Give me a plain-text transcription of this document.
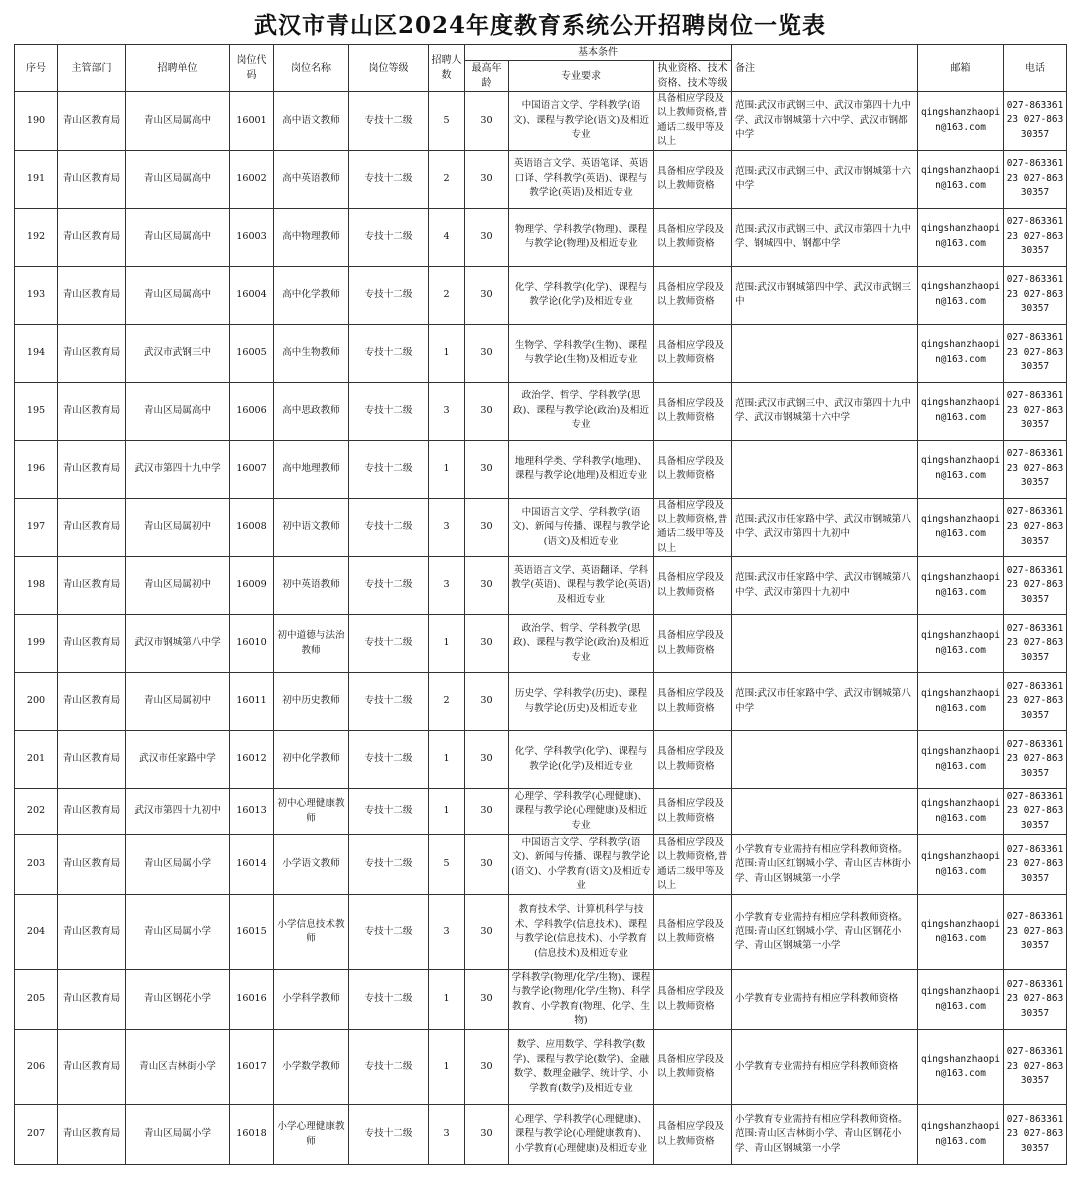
武汉市青山区2024年度教育系统公开招聘岗位一览表
序号	主管部门	招聘单位	岗位代码	岗位名称	岗位等级	招聘人数	基本条件			备注	邮箱	电话
							最高年龄	专业要求	执业资格、技术资格、技术等级			
190	青山区教育局	青山区局属高中	16001	高中语文教师	专技十二级	5	30	中国语言文学、学科教学(语文)、课程与教学论(语文)及相近专业	具备相应学段及以上教师资格,普通话二级甲等及以上	范围:武汉市武钢三中、武汉市第四十九中学、武汉市钢城第十六中学、武汉市钢都中学	qingshanzhaopin@163.com	027-86336123 027-86330357
191	青山区教育局	青山区局属高中	16002	高中英语教师	专技十二级	2	30	英语语言文学、英语笔译、英语口译、学科教学(英语)、课程与教学论(英语)及相近专业	具备相应学段及以上教师资格	范围:武汉市武钢三中、武汉市钢城第十六中学	qingshanzhaopin@163.com	027-86336123 027-86330357
192	青山区教育局	青山区局属高中	16003	高中物理教师	专技十二级	4	30	物理学、学科教学(物理)、课程与教学论(物理)及相近专业	具备相应学段及以上教师资格	范围:武汉市武钢三中、武汉市第四十九中学、钢城四中、钢都中学	qingshanzhaopin@163.com	027-86336123 027-86330357
193	青山区教育局	青山区局属高中	16004	高中化学教师	专技十二级	2	30	化学、学科教学(化学)、课程与教学论(化学)及相近专业	具备相应学段及以上教师资格	范围:武汉市钢城第四中学、武汉市武钢三中	qingshanzhaopin@163.com	027-86336123 027-86330357
194	青山区教育局	武汉市武钢三中	16005	高中生物教师	专技十二级	1	30	生物学、学科教学(生物)、课程与教学论(生物)及相近专业	具备相应学段及以上教师资格		qingshanzhaopin@163.com	027-86336123 027-86330357
195	青山区教育局	青山区局属高中	16006	高中思政教师	专技十二级	3	30	政治学、哲学、学科教学(思政)、课程与教学论(政治)及相近专业	具备相应学段及以上教师资格	范围:武汉市武钢三中、武汉市第四十九中学、武汉市钢城第十六中学	qingshanzhaopin@163.com	027-86336123 027-86330357
196	青山区教育局	武汉市第四十九中学	16007	高中地理教师	专技十二级	1	30	地理科学类、学科教学(地理)、课程与教学论(地理)及相近专业	具备相应学段及以上教师资格		qingshanzhaopin@163.com	027-86336123 027-86330357
197	青山区教育局	青山区局属初中	16008	初中语文教师	专技十二级	3	30	中国语言文学、学科教学(语文)、新闻与传播、课程与教学论(语文)及相近专业	具备相应学段及以上教师资格,普通话二级甲等及以上	范围:武汉市任家路中学、武汉市钢城第八中学、武汉市第四十九初中	qingshanzhaopin@163.com	027-86336123 027-86330357
198	青山区教育局	青山区局属初中	16009	初中英语教师	专技十二级	3	30	英语语言文学、英语翻译、学科教学(英语)、课程与教学论(英语)及相近专业	具备相应学段及以上教师资格	范围:武汉市任家路中学、武汉市钢城第八中学、武汉市第四十九初中	qingshanzhaopin@163.com	027-86336123 027-86330357
199	青山区教育局	武汉市钢城第八中学	16010	初中道德与法治教师	专技十二级	1	30	政治学、哲学、学科教学(思政)、课程与教学论(政治)及相近专业	具备相应学段及以上教师资格		qingshanzhaopin@163.com	027-86336123 027-86330357
200	青山区教育局	青山区局属初中	16011	初中历史教师	专技十二级	2	30	历史学、学科教学(历史)、课程与教学论(历史)及相近专业	具备相应学段及以上教师资格	范围:武汉市任家路中学、武汉市钢城第八中学	qingshanzhaopin@163.com	027-86336123 027-86330357
201	青山区教育局	武汉市任家路中学	16012	初中化学教师	专技十二级	1	30	化学、学科教学(化学)、课程与教学论(化学)及相近专业	具备相应学段及以上教师资格		qingshanzhaopin@163.com	027-86336123 027-86330357
202	青山区教育局	武汉市第四十九初中	16013	初中心理健康教师	专技十二级	1	30	心理学、学科教学(心理健康)、课程与教学论(心理健康)及相近专业	具备相应学段及以上教师资格		qingshanzhaopin@163.com	027-86336123 027-86330357
203	青山区教育局	青山区局属小学	16014	小学语文教师	专技十二级	5	30	中国语言文学、学科教学(语文)、新闻与传播、课程与教学论(语文)、小学教育(语文)及相近专业	具备相应学段及以上教师资格,普通话二级甲等及以上	小学教育专业需持有相应学科教师资格。范围:青山区红钢城小学、青山区吉林街小学、青山区钢城第一小学	qingshanzhaopin@163.com	027-86336123 027-86330357
204	青山区教育局	青山区局属小学	16015	小学信息技术教师	专技十二级	3	30	教育技术学、计算机科学与技术、学科教学(信息技术)、课程与教学论(信息技术)、小学教育(信息技术)及相近专业	具备相应学段及以上教师资格	小学教育专业需持有相应学科教师资格。范围:青山区红钢城小学、青山区钢花小学、青山区钢城第一小学	qingshanzhaopin@163.com	027-86336123 027-86330357
205	青山区教育局	青山区钢花小学	16016	小学科学教师	专技十二级	1	30	学科教学(物理/化学/生物)、课程与教学论(物理/化学/生物)、科学教育、小学教育(物理、化学、生物)	具备相应学段及以上教师资格	小学教育专业需持有相应学科教师资格	qingshanzhaopin@163.com	027-86336123 027-86330357
206	青山区教育局	青山区吉林街小学	16017	小学数学教师	专技十二级	1	30	数学、应用数学、学科教学(数学)、课程与教学论(数学)、金融数学、数理金融学、统计学、小学教育(数学)及相近专业	具备相应学段及以上教师资格	小学教育专业需持有相应学科教师资格	qingshanzhaopin@163.com	027-86336123 027-86330357
207	青山区教育局	青山区局属小学	16018	小学心理健康教师	专技十二级	3	30	心理学、学科教学(心理健康)、课程与教学论(心理健康教育)、小学教育(心理健康)及相近专业	具备相应学段及以上教师资格	小学教育专业需持有相应学科教师资格。范围:青山区吉林街小学、青山区钢花小学、青山区钢城第一小学	qingshanzhaopin@163.com	027-86336123 027-86330357
